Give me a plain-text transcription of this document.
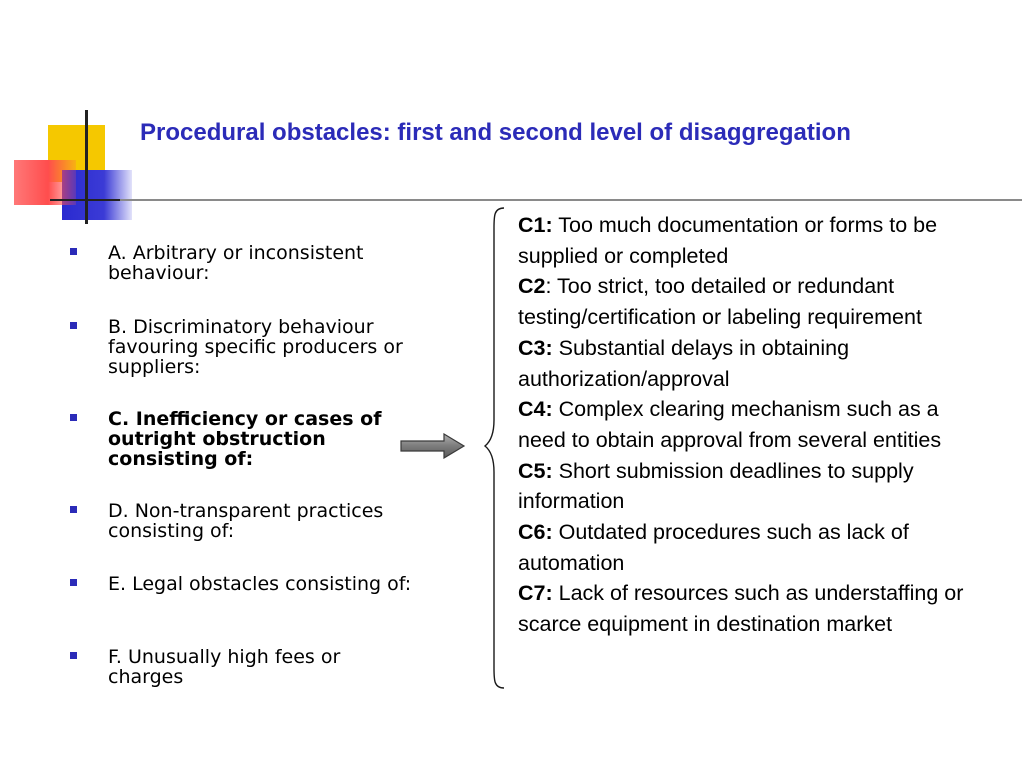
Procedural obstacles: first and second level of disaggregation
A. Arbitrary or inconsistent behaviour:
B. Discriminatory behaviour favouring specific producers or suppliers:
C. Inefficiency or cases of outright obstruction consisting of:
D. Non-transparent practices consisting of:
E. Legal obstacles consisting of:
F. Unusually high fees or charges

C1: Too much documentation or forms to be supplied or completed

C2: Too strict, too detailed or redundant testing/certification or labeling requirement

C3: Substantial delays in obtaining authorization/approval

C4: Complex clearing mechanism such as a need to obtain approval from several entities

C5: Short submission deadlines to supply information

C6: Outdated procedures such as lack of automation

C7: Lack of resources such as understaffing or scarce equipment in destination market
